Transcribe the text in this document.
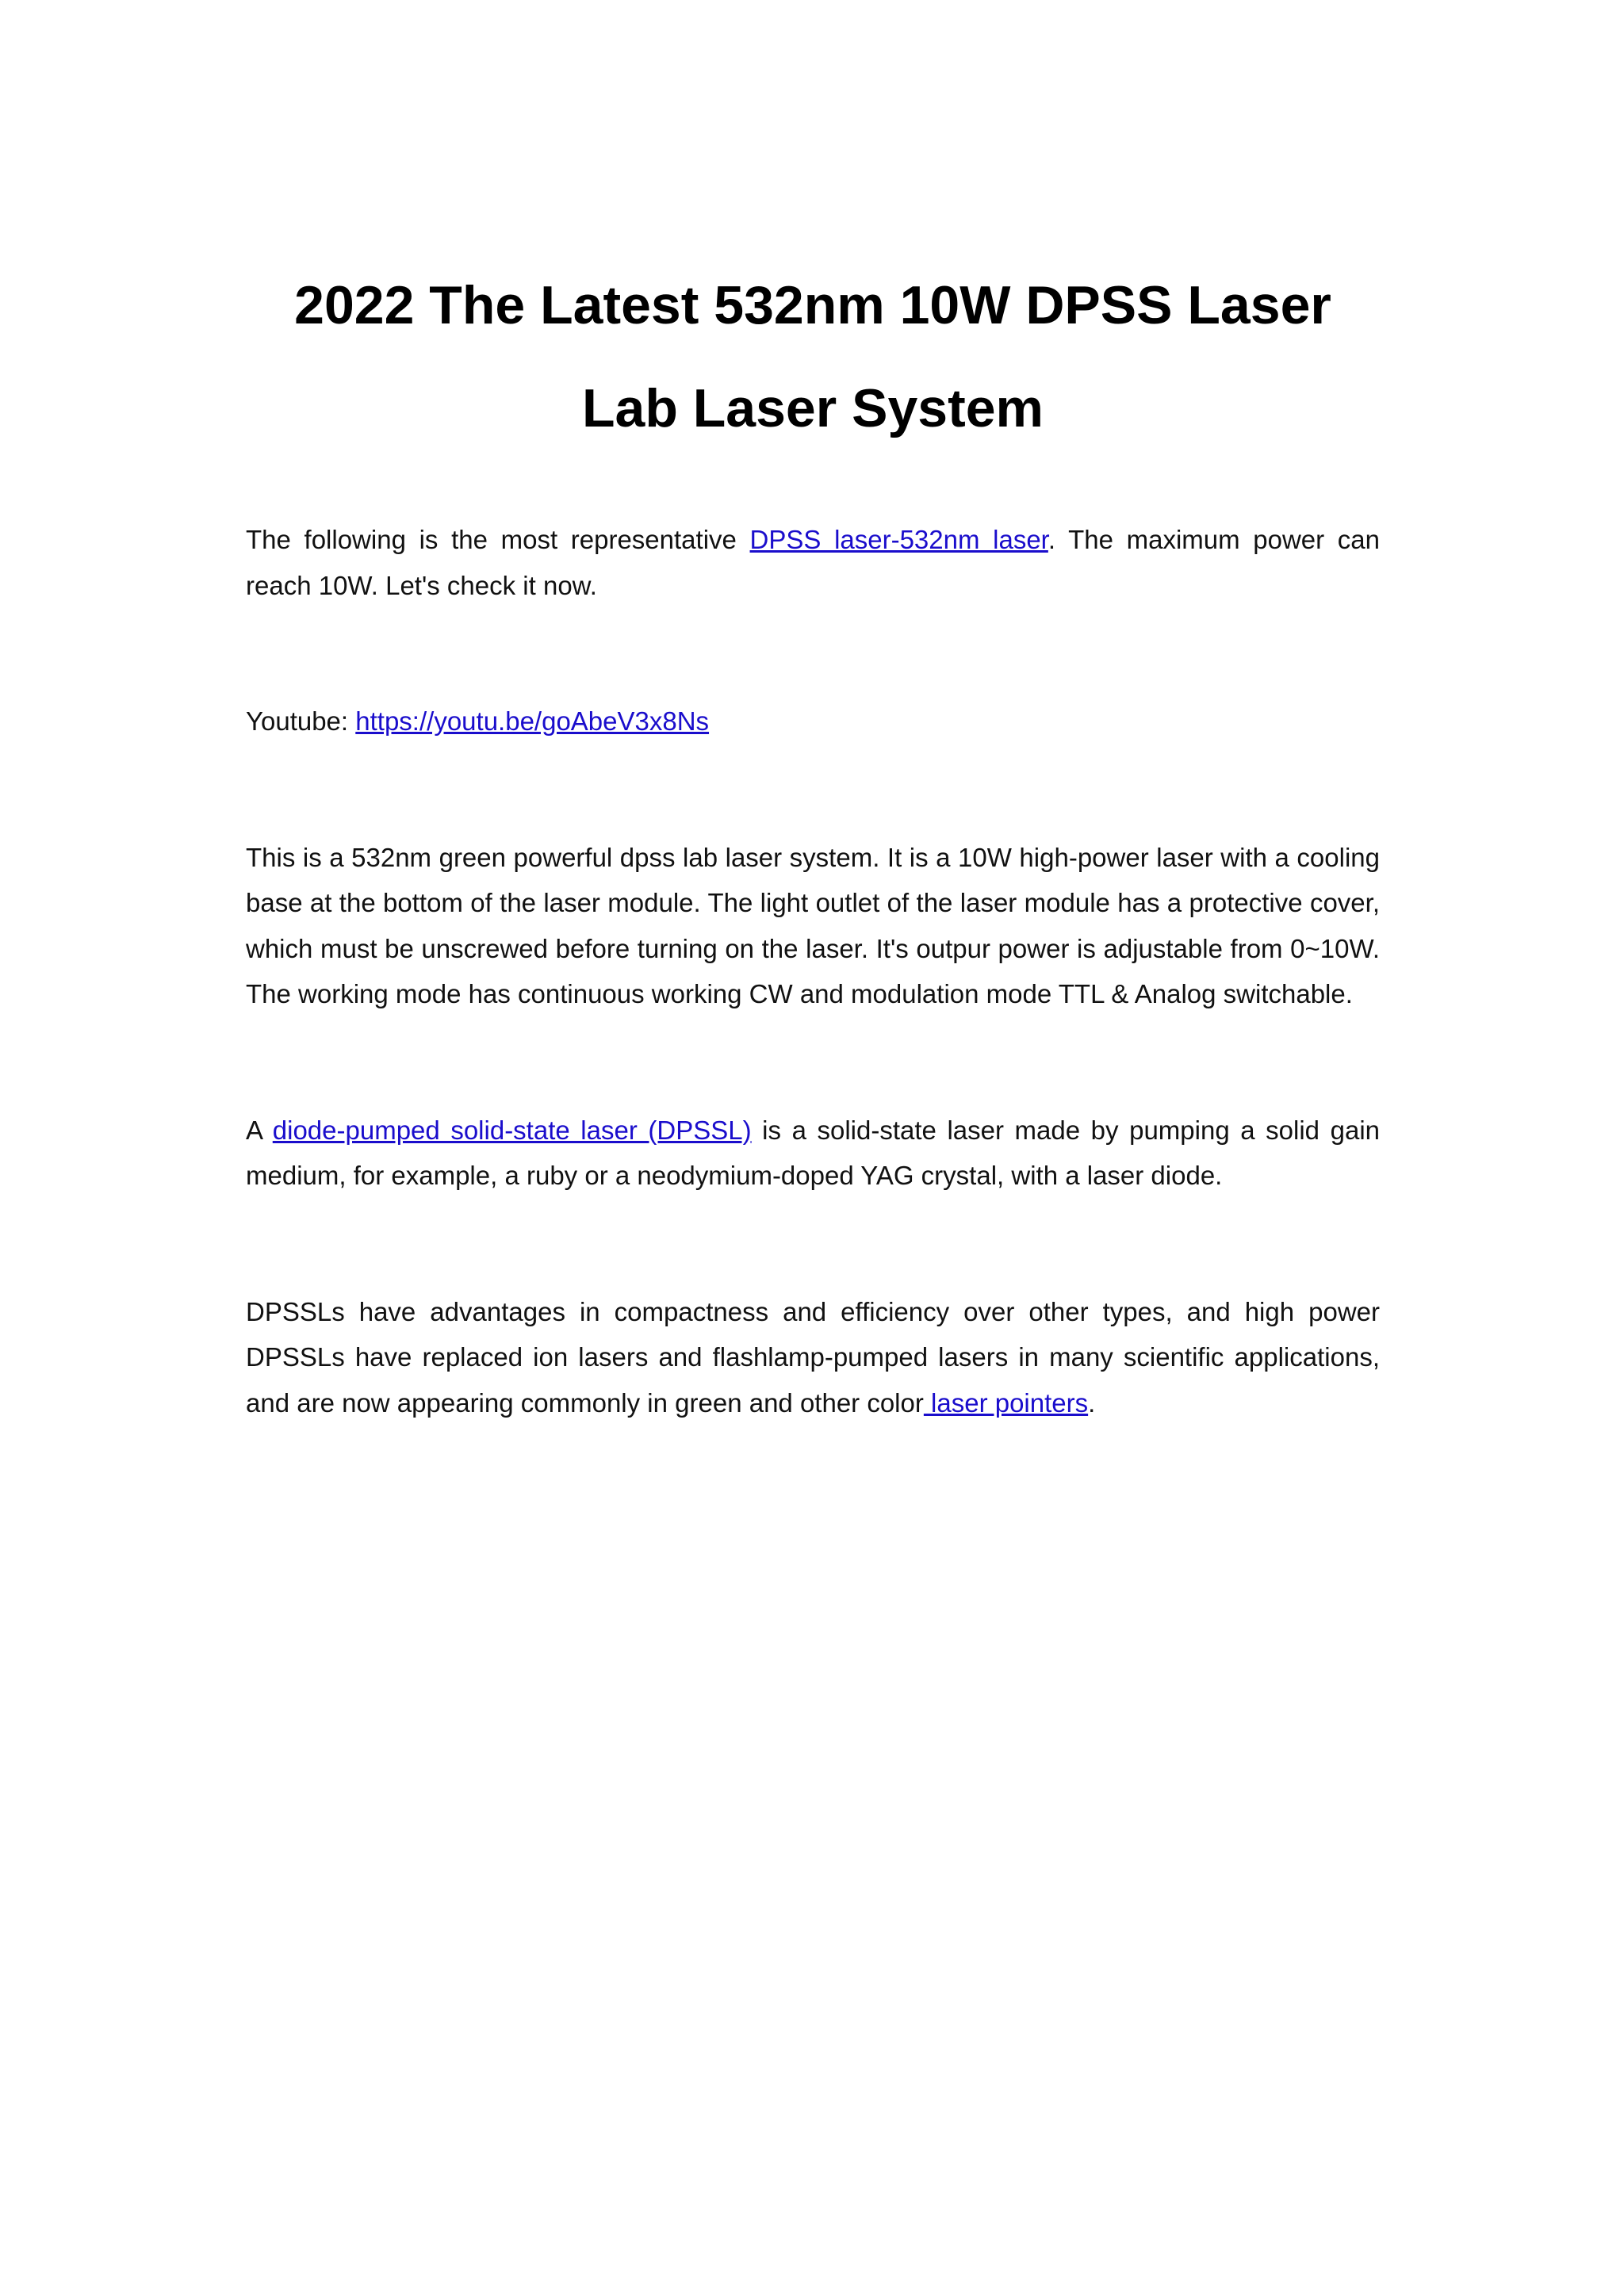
2022 The Latest 532nm 10W DPSS Laser
Lab Laser System

The following is the most representative DPSS laser-532nm laser. The maximum power can reach 10W. Let's check it now.

Youtube: https://youtu.be/goAbeV3x8Ns

This is a 532nm green powerful dpss lab laser system. It is a 10W high-power laser with a cooling base at the bottom of the laser module. The light outlet of the laser module has a protective cover, which must be unscrewed before turning on the laser. It's outpur power is adjustable from 0~10W. The working mode has continuous working CW and modulation mode TTL & Analog switchable.

A diode-pumped solid-state laser (DPSSL) is a solid-state laser made by pumping a solid gain medium, for example, a ruby or a neodymium-doped YAG crystal, with a laser diode.

DPSSLs have advantages in compactness and efficiency over other types, and high power DPSSLs have replaced ion lasers and flashlamp-pumped lasers in many scientific applications, and are now appearing commonly in green and other color laser pointers.
